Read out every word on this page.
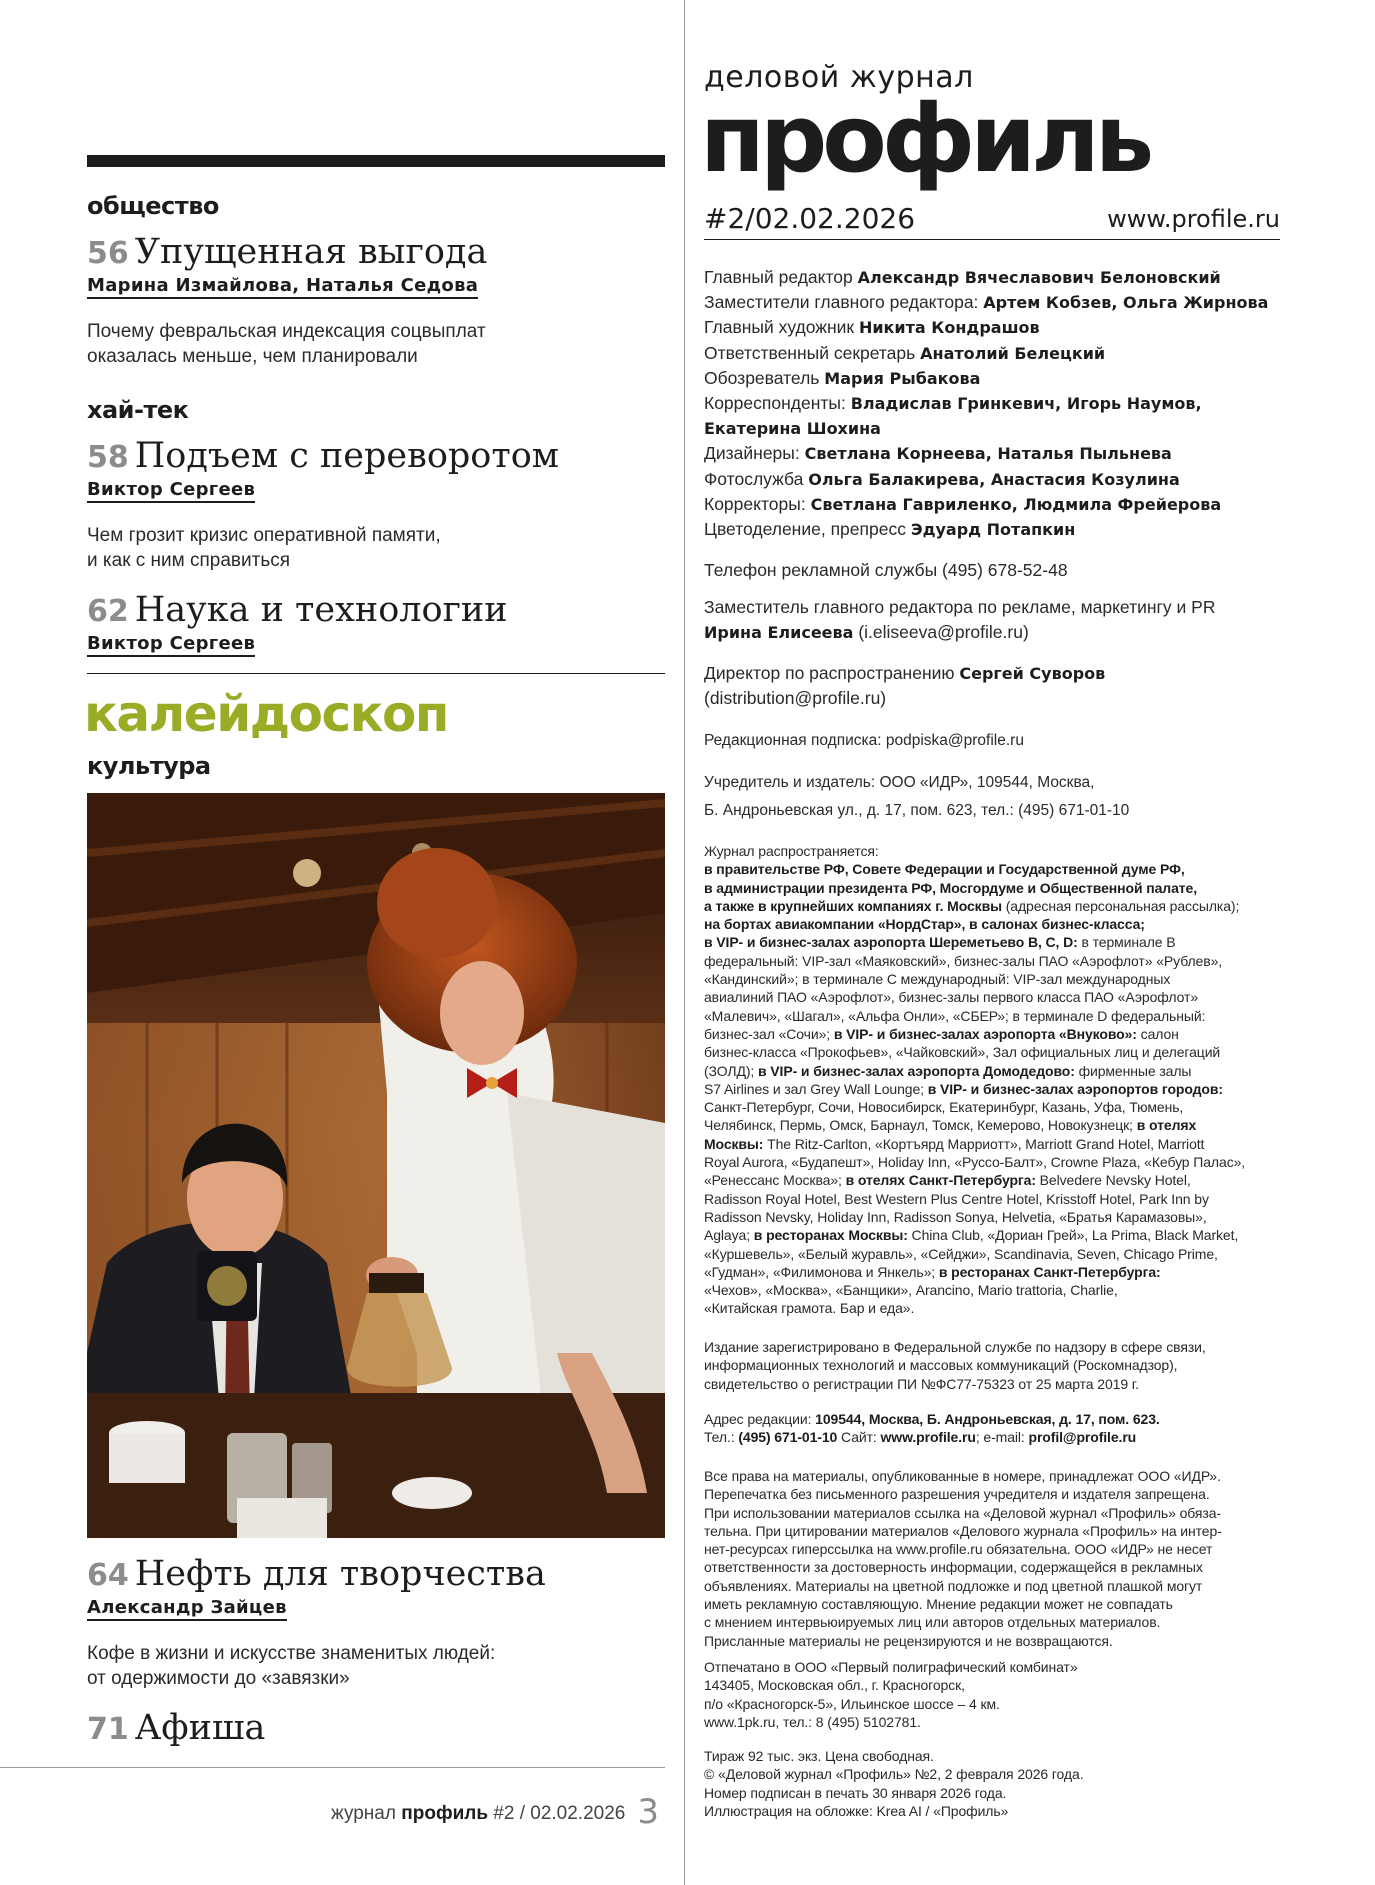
общество
56 Упущенная выгода
Марина Измайлова, Наталья Седова
Почему февральская индексация соцвыплат
оказалась меньше, чем планировали
хай-тек
58 Подъем с переворотом
Виктор Сергеев
Чем грозит кризис оперативной памяти,
и как с ним справиться
62 Наука и технологии
Виктор Сергеев
калейдоскоп
культура
64 Нефть для творчества
Александр Зайцев
Кофе в жизни и искусстве знаменитых людей:
от одержимости до «завязки»
71 Афиша
журнал профиль #2 / 02.02.2026 3
деловой журнал
профиль
#2/02.02.2026	www.profile.ru
Главный редактор Александр Вячеславович Белоновский
Заместители главного редактора: Артем Кобзев, Ольга Жирнова
Главный художник Никита Кондрашов
Ответственный секретарь Анатолий Белецкий
Обозреватель Мария Рыбакова
Корреспонденты: Владислав Гринкевич, Игорь Наумов,
Екатерина Шохина
Дизайнеры: Светлана Корнеева, Наталья Пыльнева
Фотослужба Ольга Балакирева, Анастасия Козулина
Корректоры: Светлана Гавриленко, Людмила Фрейерова
Цветоделение, препресс Эдуард Потапкин
Телефон рекламной службы (495) 678-52-48
Заместитель главного редактора по рекламе, маркетингу и PR
Ирина Елисеева (i.eliseeva@profile.ru)
Директор по распространению Сергей Суворов
(distribution@profile.ru)
Редакционная подписка: podpiska@profile.ru
Учредитель и издатель: ООО «ИДР», 109544, Москва,
Б. Андроньевская ул., д. 17, пом. 623, тел.: (495) 671-01-10
Журнал распространяется:
в правительстве РФ, Совете Федерации и Государственной думе РФ,
в администрации президента РФ, Мосгордуме и Общественной палате,
а также в крупнейших компаниях г. Москвы (адресная персональная рассылка);
на бортах авиакомпании «НордСтар», в салонах бизнес-класса;
в VIP- и бизнес-залах аэропорта Шереметьево B, C, D: в терминале B
федеральный: VIP-зал «Маяковский», бизнес-залы ПАО «Аэрофлот» «Рублев»,
«Кандинский»; в терминале C международный: VIP-зал международных
авиалиний ПАО «Аэрофлот», бизнес-залы первого класса ПАО «Аэрофлот»
«Малевич», «Шагал», «Альфа Онли», «СБЕР»; в терминале D федеральный:
бизнес-зал «Сочи»; в VIP- и бизнес-залах аэропорта «Внуково»: салон
бизнес-класса «Прокофьев», «Чайковский», Зал официальных лиц и делегаций
(ЗОЛД); в VIP- и бизнес-залах аэропорта Домодедово: фирменные залы
S7 Airlines и зал Grey Wall Lounge; в VIP- и бизнес-залах аэропортов городов:
Санкт-Петербург, Сочи, Новосибирск, Екатеринбург, Казань, Уфа, Тюмень,
Челябинск, Пермь, Омск, Барнаул, Томск, Кемерово, Новокузнецк; в отелях
Москвы: The Ritz-Carlton, «Кортъярд Марриотт», Marriott Grand Hotel, Marriott
Royal Aurora, «Будапешт», Holiday Inn, «Руссо-Балт», Crowne Plaza, «Кебур Палас»,
«Ренессанс Москва»; в отелях Санкт-Петербурга: Belvedere Nevsky Hotel,
Radisson Royal Hotel, Best Western Plus Centre Hotel, Krisstoff Hotel, Park Inn by
Radisson Nevsky, Holiday Inn, Radisson Sonya, Helvetia, «Братья Карамазовы»,
Aglaya; в ресторанах Москвы: China Club, «Дориан Грей», La Prima, Black Market,
«Куршевель», «Белый журавль», «Сейджи», Scandinavia, Seven, Chicago Prime,
«Гудман», «Филимонова и Янкель»; в ресторанах Санкт-Петербурга:
«Чехов», «Москва», «Банщики», Arancino, Mario trattoria, Charlie,
«Китайская грамота. Бар и еда».
Издание зарегистрировано в Федеральной службе по надзору в сфере связи,
информационных технологий и массовых коммуникаций (Роскомнадзор),
свидетельство о регистрации ПИ №ФС77-75323 от 25 марта 2019 г.
Адрес редакции: 109544, Москва, Б. Андроньевская, д. 17, пом. 623.
Тел.: (495) 671-01-10 Сайт: www.profile.ru; e-mail: profil@profile.ru
Все права на материалы, опубликованные в номере, принадлежат ООО «ИДР».
Перепечатка без письменного разрешения учредителя и издателя запрещена.
При использовании материалов ссылка на «Деловой журнал «Профиль» обяза-
тельна. При цитировании материалов «Делового журнала «Профиль» на интер-
нет-ресурсах гиперссылка на www.profile.ru обязательна. ООО «ИДР» не несет
ответственности за достоверность информации, содержащейся в рекламных
объявлениях. Материалы на цветной подложке и под цветной плашкой могут
иметь рекламную составляющую. Мнение редакции может не совпадать
с мнением интервьюируемых лиц или авторов отдельных материалов.
Присланные материалы не рецензируются и не возвращаются.
Отпечатано в ООО «Первый полиграфический комбинат»
143405, Московская обл., г. Красногорск,
п/о «Красногорск-5», Ильинское шоссе – 4 км.
www.1pk.ru, тел.: 8 (495) 5102781.
Тираж 92 тыс. экз. Цена свободная.
© «Деловой журнал «Профиль» №2, 2 февраля 2026 года.
Номер подписан в печать 30 января 2026 года.
Иллюстрация на обложке: Krea AI / «Профиль»
